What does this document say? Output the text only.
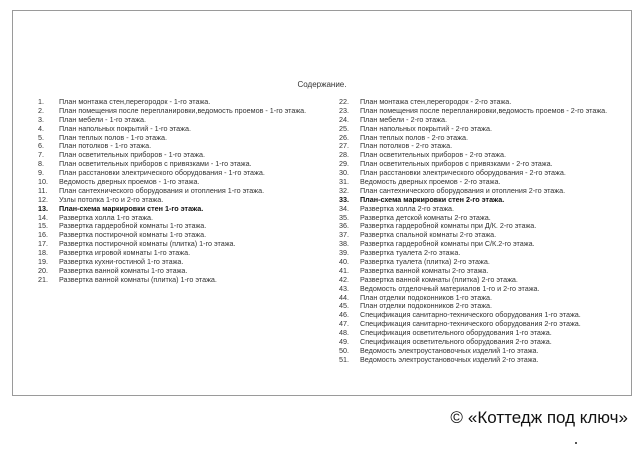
Содержание.
1.	План монтажа стен,перегородок - 1-го этажа.
2.	План помещения после перепланировки,ведомость проемов - 1-го этажа.
3.	План мебели - 1-го этажа.
4.	План напольных покрытий - 1-го этажа.
5.	План теплых полов - 1-го этажа.
6.	План потолков - 1-го этажа.
7.	План осветительных приборов - 1-го этажа.
8.	План осветительных приборов с привязками - 1-го этажа.
9.	План расстановки электрического оборудования - 1-го этажа.
10.	Ведомость дверных проемов - 1-го этажа.
11.	План сантехнического оборудования и отопления 1-го этажа.
12.	Узлы потолка 1-го и 2-го этажа.
13.	План-схема маркировки стен 1-го этажа.
14.	Развертка холла 1-го этажа.
15.	Развертка гардеробной комнаты 1-го этажа.
16.	Развертка постирочной комнаты 1-го этажа.
17.	Развертка постирочной комнаты (плитка) 1-го этажа.
18.	Развертка игровой комнаты 1-го этажа.
19.	Развертка кухни-гостиной 1-го этажа.
20.	Развертка ванной комнаты 1-го этажа.
21.	Развертка ванной комнаты (плитка) 1-го этажа.
22.	План монтажа стен,перегородок - 2-го этажа.
23.	План помещения после перепланировки,ведомость проемов - 2-го этажа.
24.	План мебели - 2-го этажа.
25.	План напольных покрытий - 2-го этажа.
26.	План теплых полов - 2-го этажа.
27.	План потолков - 2-го этажа.
28.	План осветительных приборов - 2-го этажа.
29.	План осветительных приборов с привязками - 2-го этажа.
30.	План расстановки электрического оборудования - 2-го этажа.
31.	Ведомость дверных проемов - 2-го этажа.
32.	План сантехнического оборудования и отопления 2-го этажа.
33.	План-схема маркировки стен 2-го этажа.
34.	Развертка холла 2-го этажа.
35.	Развертка детской комнаты 2-го этажа.
36.	Развертка гардеробной комнаты при Д/К. 2-го этажа.
37.	Развертка спальной комнаты 2-го этажа.
38.	Развертка гардеробной комнаты при С/К.2-го этажа.
39.	Развертка туалета 2-го этажа.
40.	Развертка туалета (плитка) 2-го этажа.
41.	Развертка ванной комнаты 2-го этажа.
42.	Развертка ванной комнаты (плитка) 2-го этажа.
43.	Ведомость отделочный материалов 1-го и 2-го этажа.
44.	План отделки подоконников 1-го этажа.
45.	План отделки подоконников 2-го этажа.
46.	Спецификация санитарно-технического оборудования 1-го этажа.
47.	Спецификация санитарно-технического оборудования 2-го этажа.
48.	Спецификация осветительного оборудования 1-го этажа.
49.	Спецификация осветительного оборудования 2-го этажа.
50.	Ведомость электроустановочных изделий 1-го этажа.
51.	Ведомость электроустановочных изделий 2-го этажа.
© «Коттедж под ключ»
